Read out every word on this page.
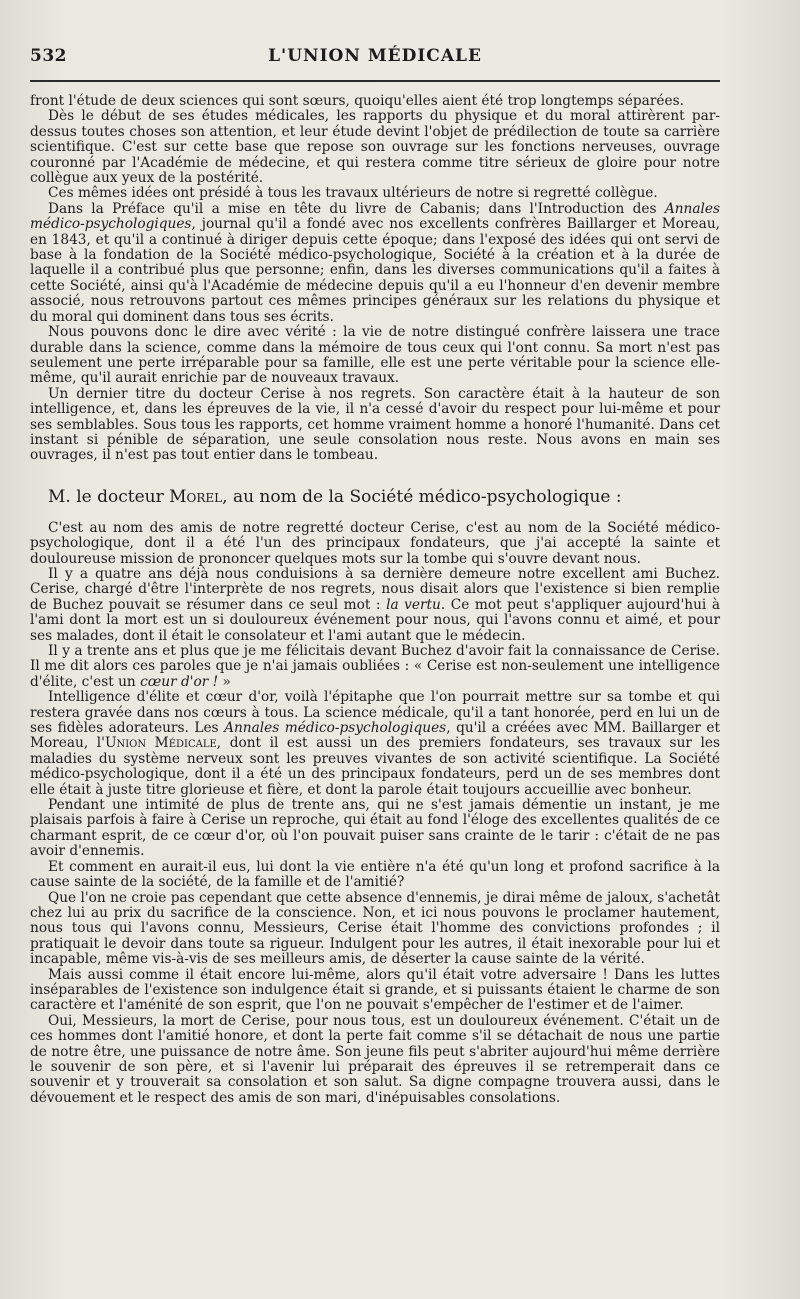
532	L'UNION MÉDICALE

front l'étude de deux sciences qui sont sœurs, quoiqu'elles aient été trop longtemps séparées.

Dès le début de ses études médicales, les rapports du physique et du moral attirèrent par-dessus toutes choses son attention, et leur étude devint l'objet de prédilection de toute sa carrière scientifique. C'est sur cette base que repose son ouvrage sur les fonctions nerveuses, ouvrage couronné par l'Académie de médecine, et qui restera comme titre sérieux de gloire pour notre collègue aux yeux de la postérité.

Ces mêmes idées ont présidé à tous les travaux ultérieurs de notre si regretté collègue.

Dans la Préface qu'il a mise en tête du livre de Cabanis; dans l'Introduction des Annales médico-psychologiques, journal qu'il a fondé avec nos excellents confrères Baillarger et Moreau, en 1843, et qu'il a continué à diriger depuis cette époque; dans l'exposé des idées qui ont servi de base à la fondation de la Société médico-psychologique, Société à la création et à la durée de laquelle il a contribué plus que personne; enfin, dans les diverses communications qu'il a faites à cette Société, ainsi qu'à l'Académie de médecine depuis qu'il a eu l'honneur d'en devenir membre associé, nous retrouvons partout ces mêmes principes généraux sur les relations du physique et du moral qui dominent dans tous ses écrits.

Nous pouvons donc le dire avec vérité : la vie de notre distingué confrère laissera une trace durable dans la science, comme dans la mémoire de tous ceux qui l'ont connu. Sa mort n'est pas seulement une perte irréparable pour sa famille, elle est une perte véritable pour la science elle-même, qu'il aurait enrichie par de nouveaux travaux.

Un dernier titre du docteur Cerise à nos regrets. Son caractère était à la hauteur de son intelligence, et, dans les épreuves de la vie, il n'a cessé d'avoir du respect pour lui-même et pour ses semblables. Sous tous les rapports, cet homme vraiment homme a honoré l'humanité. Dans cet instant si pénible de séparation, une seule consolation nous reste. Nous avons en main ses ouvrages, il n'est pas tout entier dans le tombeau.

M. le docteur Morel, au nom de la Société médico-psychologique :

C'est au nom des amis de notre regretté docteur Cerise, c'est au nom de la Société médico-psychologique, dont il a été l'un des principaux fondateurs, que j'ai accepté la sainte et douloureuse mission de prononcer quelques mots sur la tombe qui s'ouvre devant nous.

Il y a quatre ans déjà nous conduisions à sa dernière demeure notre excellent ami Buchez. Cerise, chargé d'être l'interprète de nos regrets, nous disait alors que l'existence si bien remplie de Buchez pouvait se résumer dans ce seul mot : la vertu. Ce mot peut s'appliquer aujourd'hui à l'ami dont la mort est un si douloureux événement pour nous, qui l'avons connu et aimé, et pour ses malades, dont il était le consolateur et l'ami autant que le médecin.

Il y a trente ans et plus que je me félicitais devant Buchez d'avoir fait la connaissance de Cerise. Il me dit alors ces paroles que je n'ai jamais oubliées : « Cerise est non-seulement une intelligence d'élite, c'est un cœur d'or ! »

Intelligence d'élite et cœur d'or, voilà l'épitaphe que l'on pourrait mettre sur sa tombe et qui restera gravée dans nos cœurs à tous. La science médicale, qu'il a tant honorée, perd en lui un de ses fidèles adorateurs. Les Annales médico-psychologiques, qu'il a créées avec MM. Baillarger et Moreau, l'Union Médicale, dont il est aussi un des premiers fondateurs, ses travaux sur les maladies du système nerveux sont les preuves vivantes de son activité scientifique. La Société médico-psychologique, dont il a été un des principaux fondateurs, perd un de ses membres dont elle était à juste titre glorieuse et fière, et dont la parole était toujours accueillie avec bonheur.

Pendant une intimité de plus de trente ans, qui ne s'est jamais démentie un instant, je me plaisais parfois à faire à Cerise un reproche, qui était au fond l'éloge des excellentes qualités de ce charmant esprit, de ce cœur d'or, où l'on pouvait puiser sans crainte de le tarir : c'était de ne pas avoir d'ennemis.

Et comment en aurait-il eus, lui dont la vie entière n'a été qu'un long et profond sacrifice à la cause sainte de la société, de la famille et de l'amitié?

Que l'on ne croie pas cependant que cette absence d'ennemis, je dirai même de jaloux, s'achetât chez lui au prix du sacrifice de la conscience. Non, et ici nous pouvons le proclamer hautement, nous tous qui l'avons connu, Messieurs, Cerise était l'homme des convictions profondes ; il pratiquait le devoir dans toute sa rigueur. Indulgent pour les autres, il était inexorable pour lui et incapable, même vis-à-vis de ses meilleurs amis, de déserter la cause sainte de la vérité.

Mais aussi comme il était encore lui-même, alors qu'il était votre adversaire ! Dans les luttes inséparables de l'existence son indulgence était si grande, et si puissants étaient le charme de son caractère et l'aménité de son esprit, que l'on ne pouvait s'empêcher de l'estimer et de l'aimer.

Oui, Messieurs, la mort de Cerise, pour nous tous, est un douloureux événement. C'était un de ces hommes dont l'amitié honore, et dont la perte fait comme s'il se détachait de nous une partie de notre être, une puissance de notre âme. Son jeune fils peut s'abriter aujourd'hui même derrière le souvenir de son père, et si l'avenir lui préparait des épreuves il se retremperait dans ce souvenir et y trouverait sa consolation et son salut. Sa digne compagne trouvera aussi, dans le dévouement et le respect des amis de son mari, d'inépuisables consolations.
